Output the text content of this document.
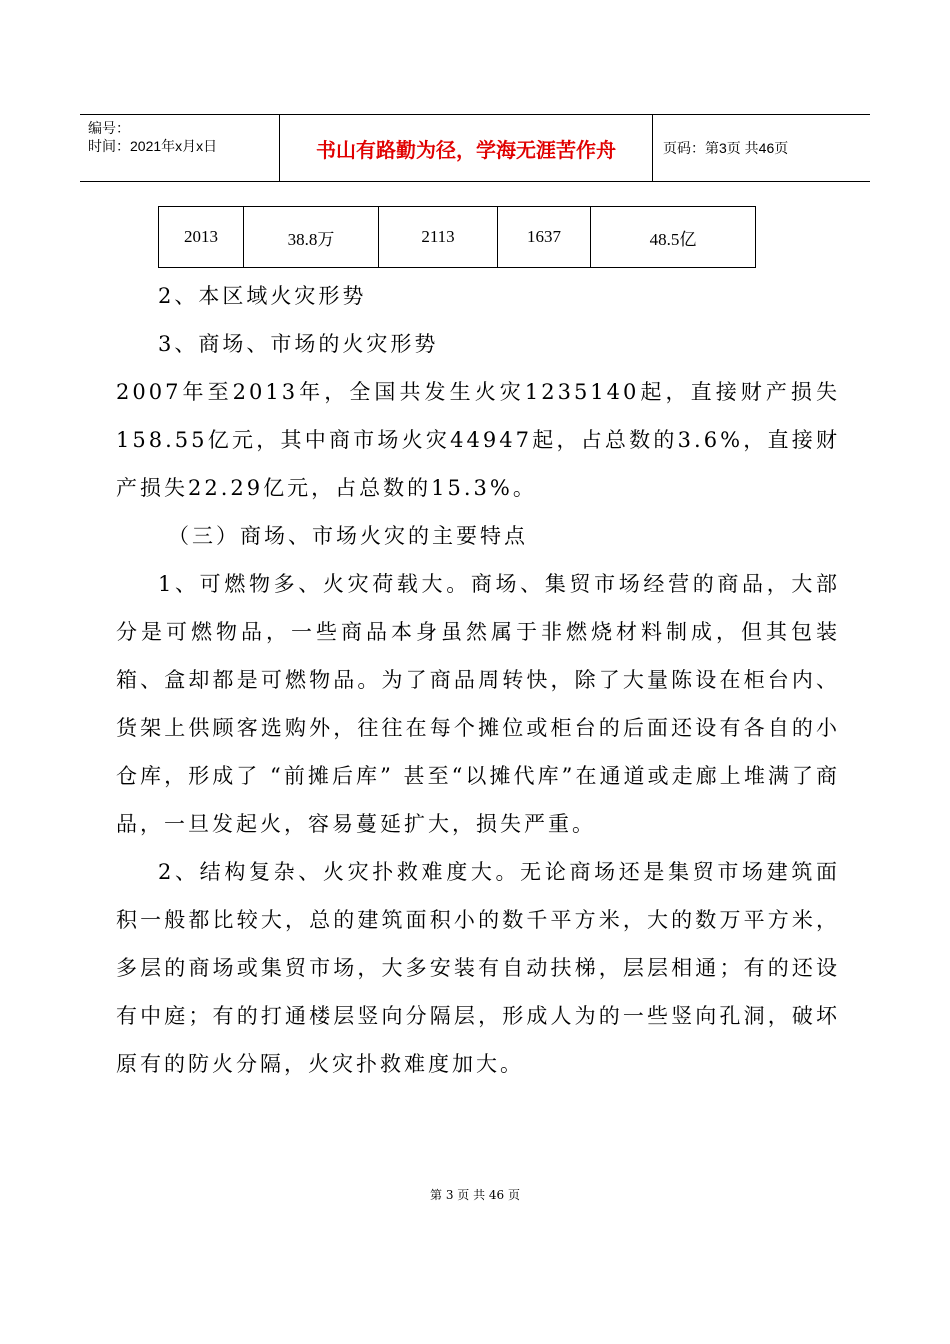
编号：
时间：2021年x月x日	书山有路勤为径，学海无涯苦作舟	页码：第3页 共46页
2013	38.8万	2113	1637	48.5亿

2、本区域火灾形势

3、商场、市场的火灾形势

2007年至2013年，全国共发生火灾1235140起，直接财产损失158.55亿元，其中商市场火灾44947起，占总数的3.6%，直接财产损失22.29亿元，占总数的15.3%。

（三）商场、市场火灾的主要特点

1、可燃物多、火灾荷载大。商场、集贸市场经营的商品，大部分是可燃物品，一些商品本身虽然属于非燃烧材料制成，但其包装箱、盒却都是可燃物品。为了商品周转快，除了大量陈设在柜台内、货架上供顾客选购外，往往在每个摊位或柜台的后面还设有各自的小仓库，形成了 “前摊后库” 甚至“以摊代库”在通道或走廊上堆满了商品，一旦发起火，容易蔓延扩大，损失严重。

2、结构复杂、火灾扑救难度大。无论商场还是集贸市场建筑面积一般都比较大，总的建筑面积小的数千平方米，大的数万平方米，多层的商场或集贸市场，大多安装有自动扶梯，层层相通；有的还设有中庭；有的打通楼层竖向分隔层，形成人为的一些竖向孔洞，破坏原有的防火分隔，火灾扑救难度加大。

第 3 页 共 46 页
